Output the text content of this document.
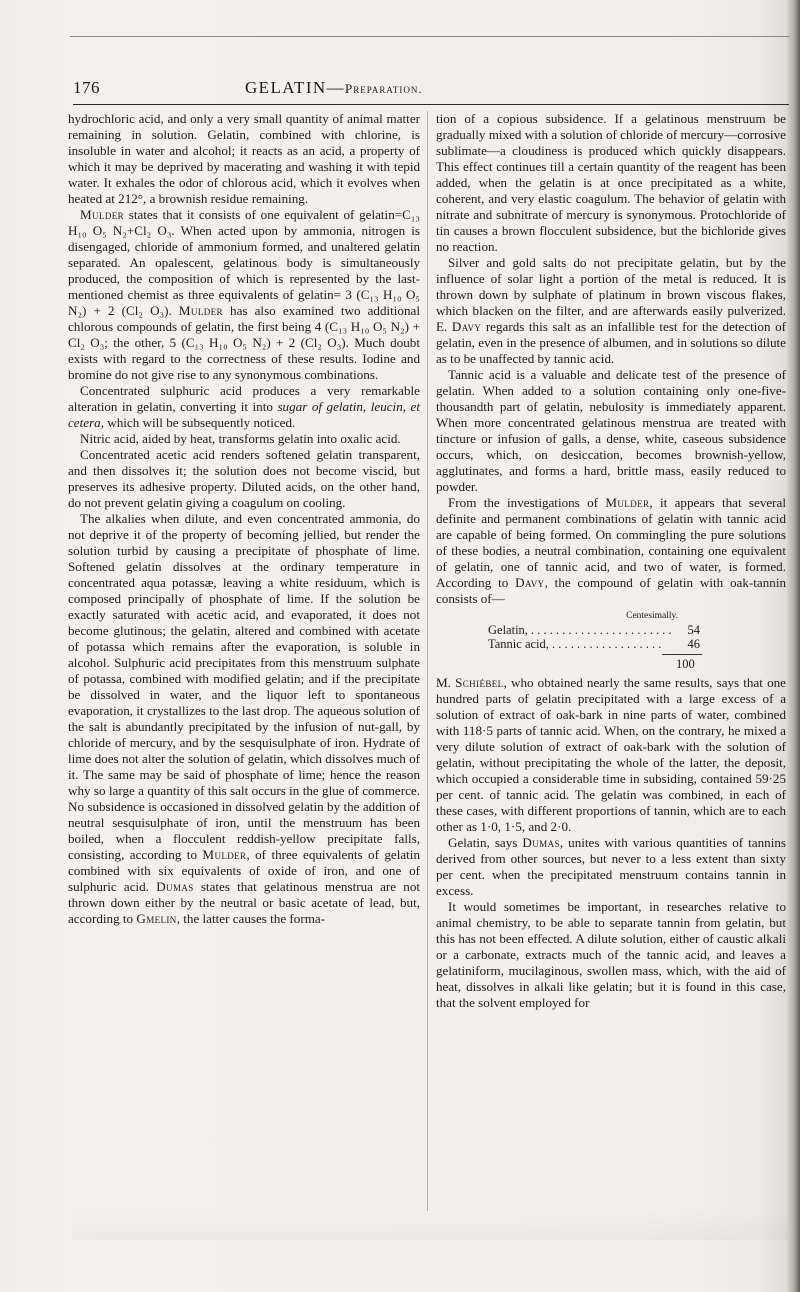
176	GELATIN—Preparation.

hydrochloric acid, and only a very small quantity of animal matter remaining in solution. Gelatin, combined with chlorine, is insoluble in water and alcohol; it reacts as an acid, a property of which it may be deprived by macerating and washing it with tepid water. It exhales the odor of chlorous acid, which it evolves when heated at 212°, a brownish residue remaining.

Mulder states that it consists of one equivalent of gelatin=C₁₃ H₁₀ O₅ N₂+Cl₂ O₃. When acted upon by ammonia, nitrogen is disengaged, chloride of ammonium formed, and unaltered gelatin separated. An opalescent, gelatinous body is simultaneously produced, the composition of which is represented by the last-mentioned chemist as three equivalents of gelatin= 3 (C₁₃ H₁₀ O₅ N₂) + 2 (Cl₂ O₃). Mulder has also examined two additional chlorous compounds of gelatin, the first being 4 (C₁₃ H₁₀ O₅ N₂) + Cl₂ O₃; the other, 5 (C₁₃ H₁₀ O₅ N₂) + 2 (Cl₂ O₃). Much doubt exists with regard to the correctness of these results. Iodine and bromine do not give rise to any synonymous combinations.

Concentrated sulphuric acid produces a very remarkable alteration in gelatin, converting it into sugar of gelatin, leucin, et cetera, which will be subsequently noticed.

Nitric acid, aided by heat, transforms gelatin into oxalic acid.

Concentrated acetic acid renders softened gelatin transparent, and then dissolves it; the solution does not become viscid, but preserves its adhesive property. Diluted acids, on the other hand, do not prevent gelatin giving a coagulum on cooling.

The alkalies when dilute, and even concentrated ammonia, do not deprive it of the property of becoming jellied, but render the solution turbid by causing a precipitate of phosphate of lime. Softened gelatin dissolves at the ordinary temperature in concentrated aqua potassæ, leaving a white residuum, which is composed principally of phosphate of lime. If the solution be exactly saturated with acetic acid, and evaporated, it does not become glutinous; the gelatin, altered and combined with acetate of potassa which remains after the evaporation, is soluble in alcohol. Sulphuric acid precipitates from this menstruum sulphate of potassa, combined with modified gelatin; and if the precipitate be dissolved in water, and the liquor left to spontaneous evaporation, it crystallizes to the last drop. The aqueous solution of the salt is abundantly precipitated by the infusion of nut-gall, by chloride of mercury, and by the sesquisulphate of iron. Hydrate of lime does not alter the solution of gelatin, which dissolves much of it. The same may be said of phosphate of lime; hence the reason why so large a quantity of this salt occurs in the glue of commerce. No subsidence is occasioned in dissolved gelatin by the addition of neutral sesquisulphate of iron, until the menstruum has been boiled, when a flocculent reddish-yellow precipitate falls, consisting, according to Mulder, of three equivalents of gelatin combined with six equivalents of oxide of iron, and one of sulphuric acid. Dumas states that gelatinous menstrua are not thrown down either by the neutral or basic acetate of lead, but, according to Gmelin, the latter causes the forma-

tion of a copious subsidence. If a gelatinous menstruum be gradually mixed with a solution of chloride of mercury—corrosive sublimate—a cloudiness is produced which quickly disappears. This effect continues till a certain quantity of the reagent has been added, when the gelatin is at once precipitated as a white, coherent, and very elastic coagulum. The behavior of gelatin with nitrate and subnitrate of mercury is synonymous. Protochloride of tin causes a brown flocculent subsidence, but the bichloride gives no reaction.

Silver and gold salts do not precipitate gelatin, but by the influence of solar light a portion of the metal is reduced. It is thrown down by sulphate of platinum in brown viscous flakes, which blacken on the filter, and are afterwards easily pulverized. E. Davy regards this salt as an infallible test for the detection of gelatin, even in the presence of albumen, and in solutions so dilute as to be unaffected by tannic acid.

Tannic acid is a valuable and delicate test of the presence of gelatin. When added to a solution containing only one-five-thousandth part of gelatin, nebulosity is immediately apparent. When more concentrated gelatinous menstrua are treated with tincture or infusion of galls, a dense, white, caseous subsidence occurs, which, on desiccation, becomes brownish-yellow, agglutinates, and forms a hard, brittle mass, easily reduced to powder.

From the investigations of Mulder, it appears that several definite and permanent combinations of gelatin with tannic acid are capable of being formed. On commingling the pure solutions of these bodies, a neutral combination, containing one equivalent of gelatin, one of tannic acid, and two of water, is formed. According to Davy, the compound of gelatin with oak-tannin consists of—

Centesimally.
Gelatin, . . . . . . . . . . . . . . . . . . . . . . .	54
Tannic acid, . . . . . . . . . . . . . . . . . .	46
100

M. Schiébel, who obtained nearly the same results, says that one hundred parts of gelatin precipitated with a large excess of a solution of extract of oak-bark in nine parts of water, combined with 118·5 parts of tannic acid. When, on the contrary, he mixed a very dilute solution of extract of oak-bark with the solution of gelatin, without precipitating the whole of the latter, the deposit, which occupied a considerable time in subsiding, contained 59·25 per cent. of tannic acid. The gelatin was combined, in each of these cases, with different proportions of tannin, which are to each other as 1·0, 1·5, and 2·0.

Gelatin, says Dumas, unites with various quantities of tannins derived from other sources, but never to a less extent than sixty per cent. when the precipitated menstruum contains tannin in excess.

It would sometimes be important, in researches relative to animal chemistry, to be able to separate tannin from gelatin, but this has not been effected. A dilute solution, either of caustic alkali or a carbonate, extracts much of the tannic acid, and leaves a gelatiniform, mucilaginous, swollen mass, which, with the aid of heat, dissolves in alkali like gelatin; but it is found in this case, that the solvent employed for
